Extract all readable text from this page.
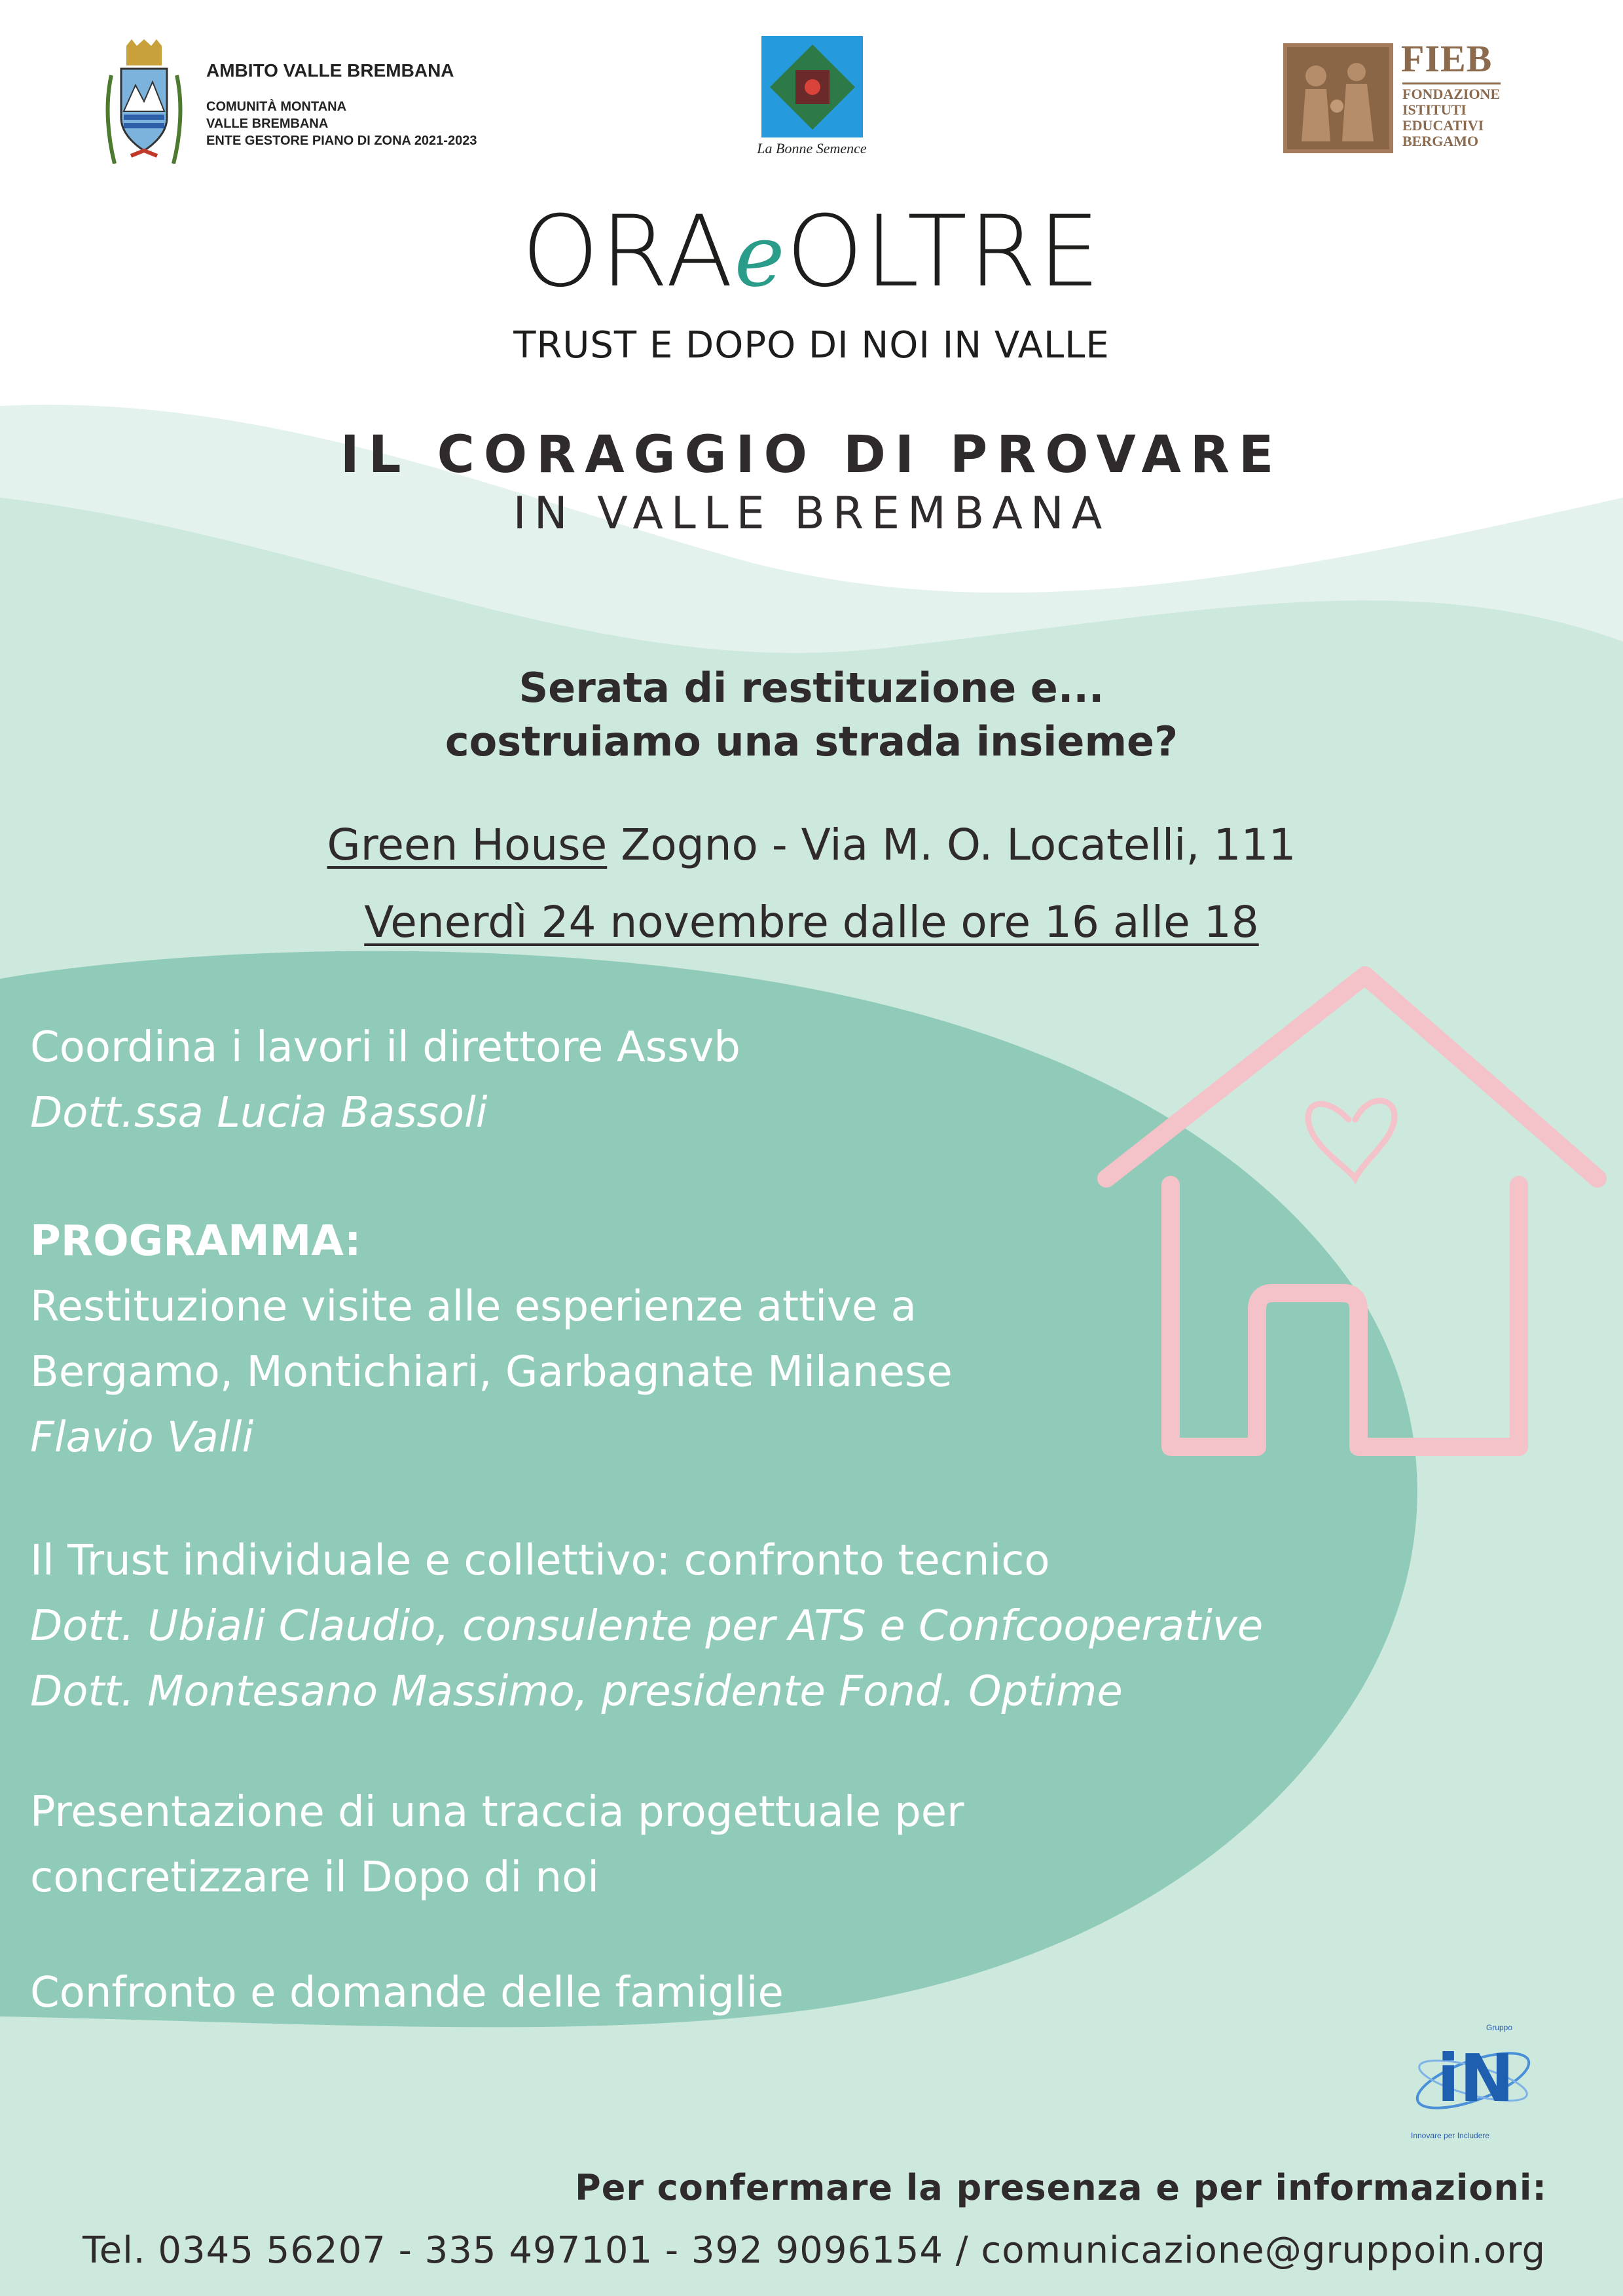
AMBITO VALLE BREMBANA
COMUNITÀ MONTANA
VALLE BREMBANA
ENTE GESTORE PIANO DI ZONA 2021-2023	La Bonne Semence
FIEB
FONDAZIONE
ISTITUTI
EDUCATIVI
BERGAMO
ORAeOLTRE
TRUST E DOPO DI NOI IN VALLE
IL CORAGGIO DI PROVARE
IN VALLE BREMBANA
Serata di restituzione e...
costruiamo una strada insieme?
Green House Zogno - Via M. O. Locatelli, 111
Venerdì 24 novembre dalle ore 16 alle 18
Coordina i lavori il direttore Assvb
Dott.ssa Lucia Bassoli
PROGRAMMA:
Restituzione visite alle esperienze attive a
Bergamo, Montichiari, Garbagnate Milanese
Flavio Valli
Il Trust individuale e collettivo: confronto tecnico
Dott. Ubiali Claudio, consulente per ATS e Confcooperative
Dott. Montesano Massimo, presidente Fond. Optime
Presentazione di una traccia progettuale per
concretizzare il Dopo di noi
Confronto e domande delle famiglie
Gruppo
iN
Innovare per Includere
Per confermare la presenza e per informazioni:
Tel. 0345 56207 - 335 497101 - 392 9096154 / comunicazione@gruppoin.org
